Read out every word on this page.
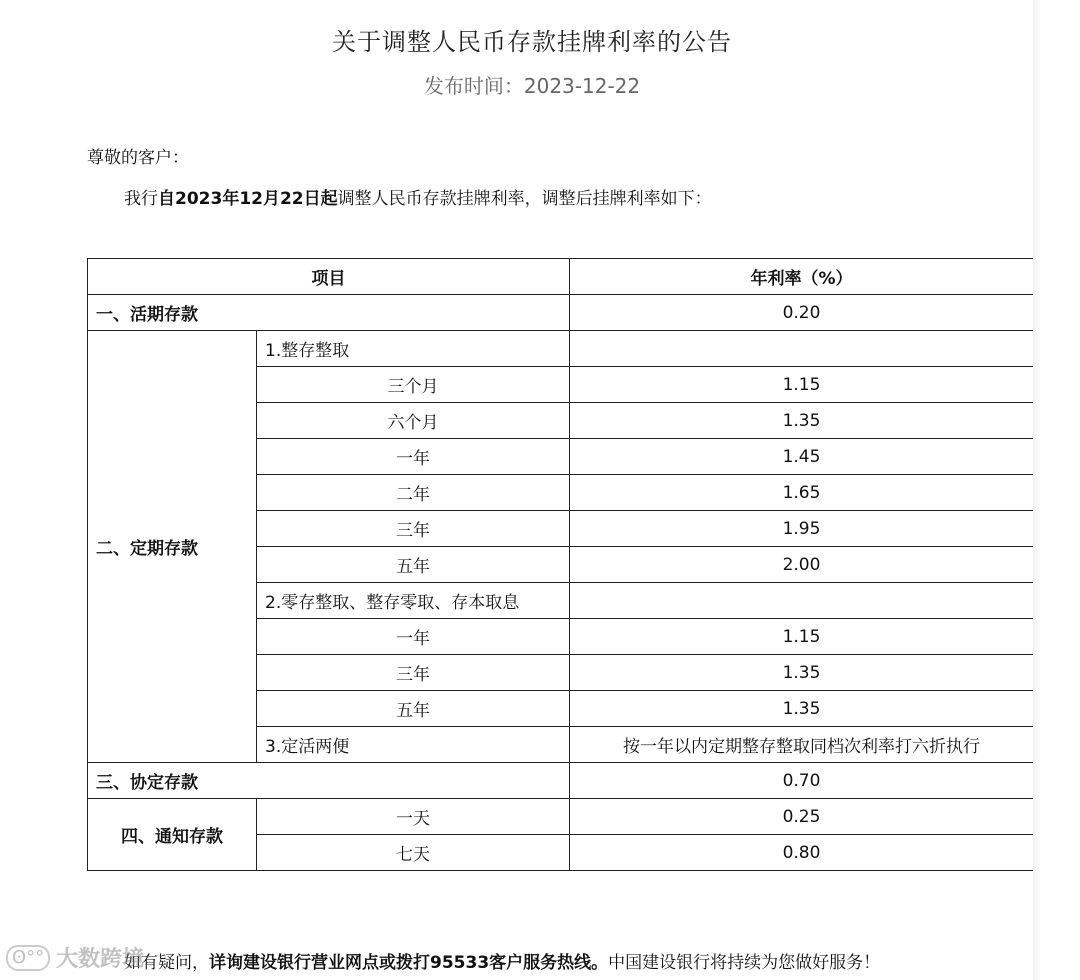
关于调整人民币存款挂牌利率的公告
发布时间：2023-12-22
尊敬的客户：
我行自2023年12月22日起调整人民币存款挂牌利率，调整后挂牌利率如下：
项目		年利率（%）
一、活期存款		0.20
二、定期存款	1.整存整取	
	三个月	1.15
	六个月	1.35
	一年	1.45
	二年	1.65
	三年	1.95
	五年	2.00
	2.零存整取、整存零取、存本取息	
	一年	1.15
	三年	1.35
	五年	1.35
	3.定活两便	按一年以内定期整存整取同档次利率打六折执行
三、协定存款		0.70
四、通知存款	一天	0.25
	七天	0.80
如有疑问，详询建设银行营业网点或拨打95533客户服务热线。中国建设银行将持续为您做好服务！
ʘ°° 大数跨境
